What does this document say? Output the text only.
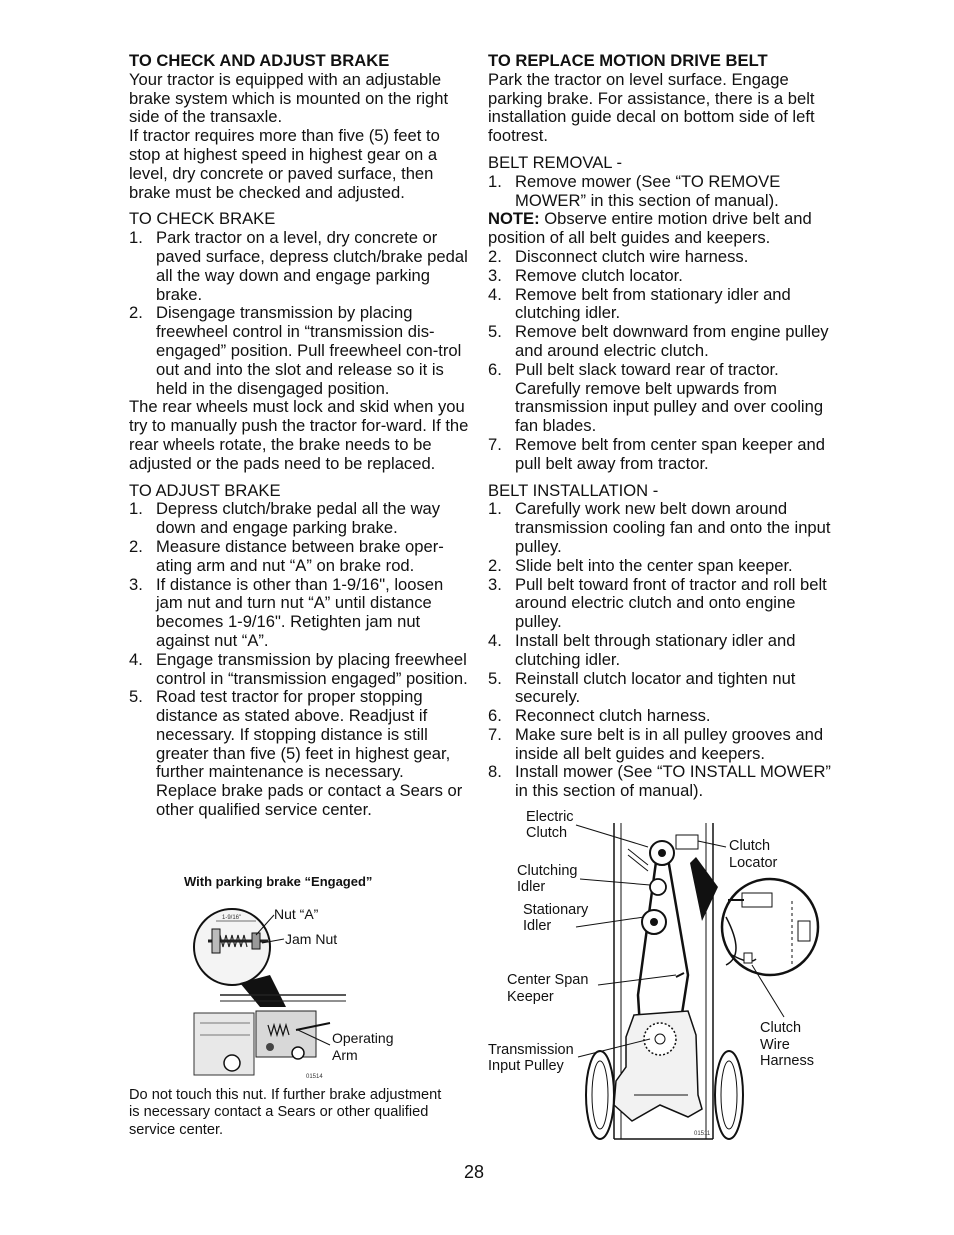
TO CHECK AND ADJUST BRAKE

Your tractor is equipped with an adjustable brake system which is mounted on the right side of the transaxle.

If tractor requires more than five (5) feet to stop at highest speed in highest gear on a level, dry concrete or paved surface, then brake must be checked and adjusted.

TO CHECK BRAKE

1. Park tractor on a level, dry concrete or paved surface, depress clutch/brake pedal all the way down and engage parking brake.
2. Disengage transmission by placing freewheel control in “transmission dis-engaged” position. Pull freewheel con-trol out and into the slot and release so it is held in the disengaged position.

The rear wheels must lock and skid when you try to manually push the tractor for-ward. If the rear wheels rotate, the brake needs to be adjusted or the pads need to be replaced.

TO ADJUST BRAKE

1. Depress clutch/brake pedal all the way down and engage parking brake.
2. Measure distance between brake oper-ating arm and nut “A” on brake rod.
3. If distance is other than 1-9/16", loosen jam nut and turn nut “A” until distance becomes 1-9/16". Retighten jam nut against nut “A”.
4. Engage transmission by placing freewheel control in “transmission engaged” position.
5. Road test tractor for proper stopping distance as stated above. Readjust if necessary. If stopping distance is still greater than five (5) feet in highest gear, further maintenance is necessary. Replace brake pads or contact a Sears or other qualified service center.
With parking brake “Engaged”
1-9/16"
01514
Nut “A”
Jam Nut
Operating
Arm
Do not touch this nut. If further brake adjustment is necessary contact a Sears or other qualified service center.
TO REPLACE MOTION DRIVE BELT

Park the tractor on level surface. Engage parking brake. For assistance, there is a belt installation guide decal on bottom side of left footrest.

BELT REMOVAL -

1. Remove mower (See “TO REMOVE MOWER” in this section of manual).

NOTE: Observe entire motion drive belt and position of all belt guides and keepers.

2. Disconnect clutch wire harness.
3. Remove clutch locator.
4. Remove belt from stationary idler and clutching idler.
5. Remove belt downward from engine pulley and around electric clutch.
6. Pull belt slack toward rear of tractor. Carefully remove belt upwards from transmission input pulley and over cooling fan blades.
7. Remove belt from center span keeper and pull belt away from tractor.

BELT INSTALLATION -

1. Carefully work new belt down around transmission cooling fan and onto the input pulley.
2. Slide belt into the center span keeper.
3. Pull belt toward front of tractor and roll belt around electric clutch and onto engine pulley.
4. Install belt through stationary idler and clutching idler.
5. Reinstall clutch locator and tighten nut securely.
6. Reconnect clutch harness.
7. Make sure belt is in all pulley grooves and inside all belt guides and keepers.
8. Install mower (See “TO INSTALL MOWER” in this section of manual).
01511
Electric
Clutch
Clutching
Idler
Stationary
Idler
Center Span
Keeper
Transmission
Input Pulley
Clutch
Locator
Clutch
Wire
Harness
28
